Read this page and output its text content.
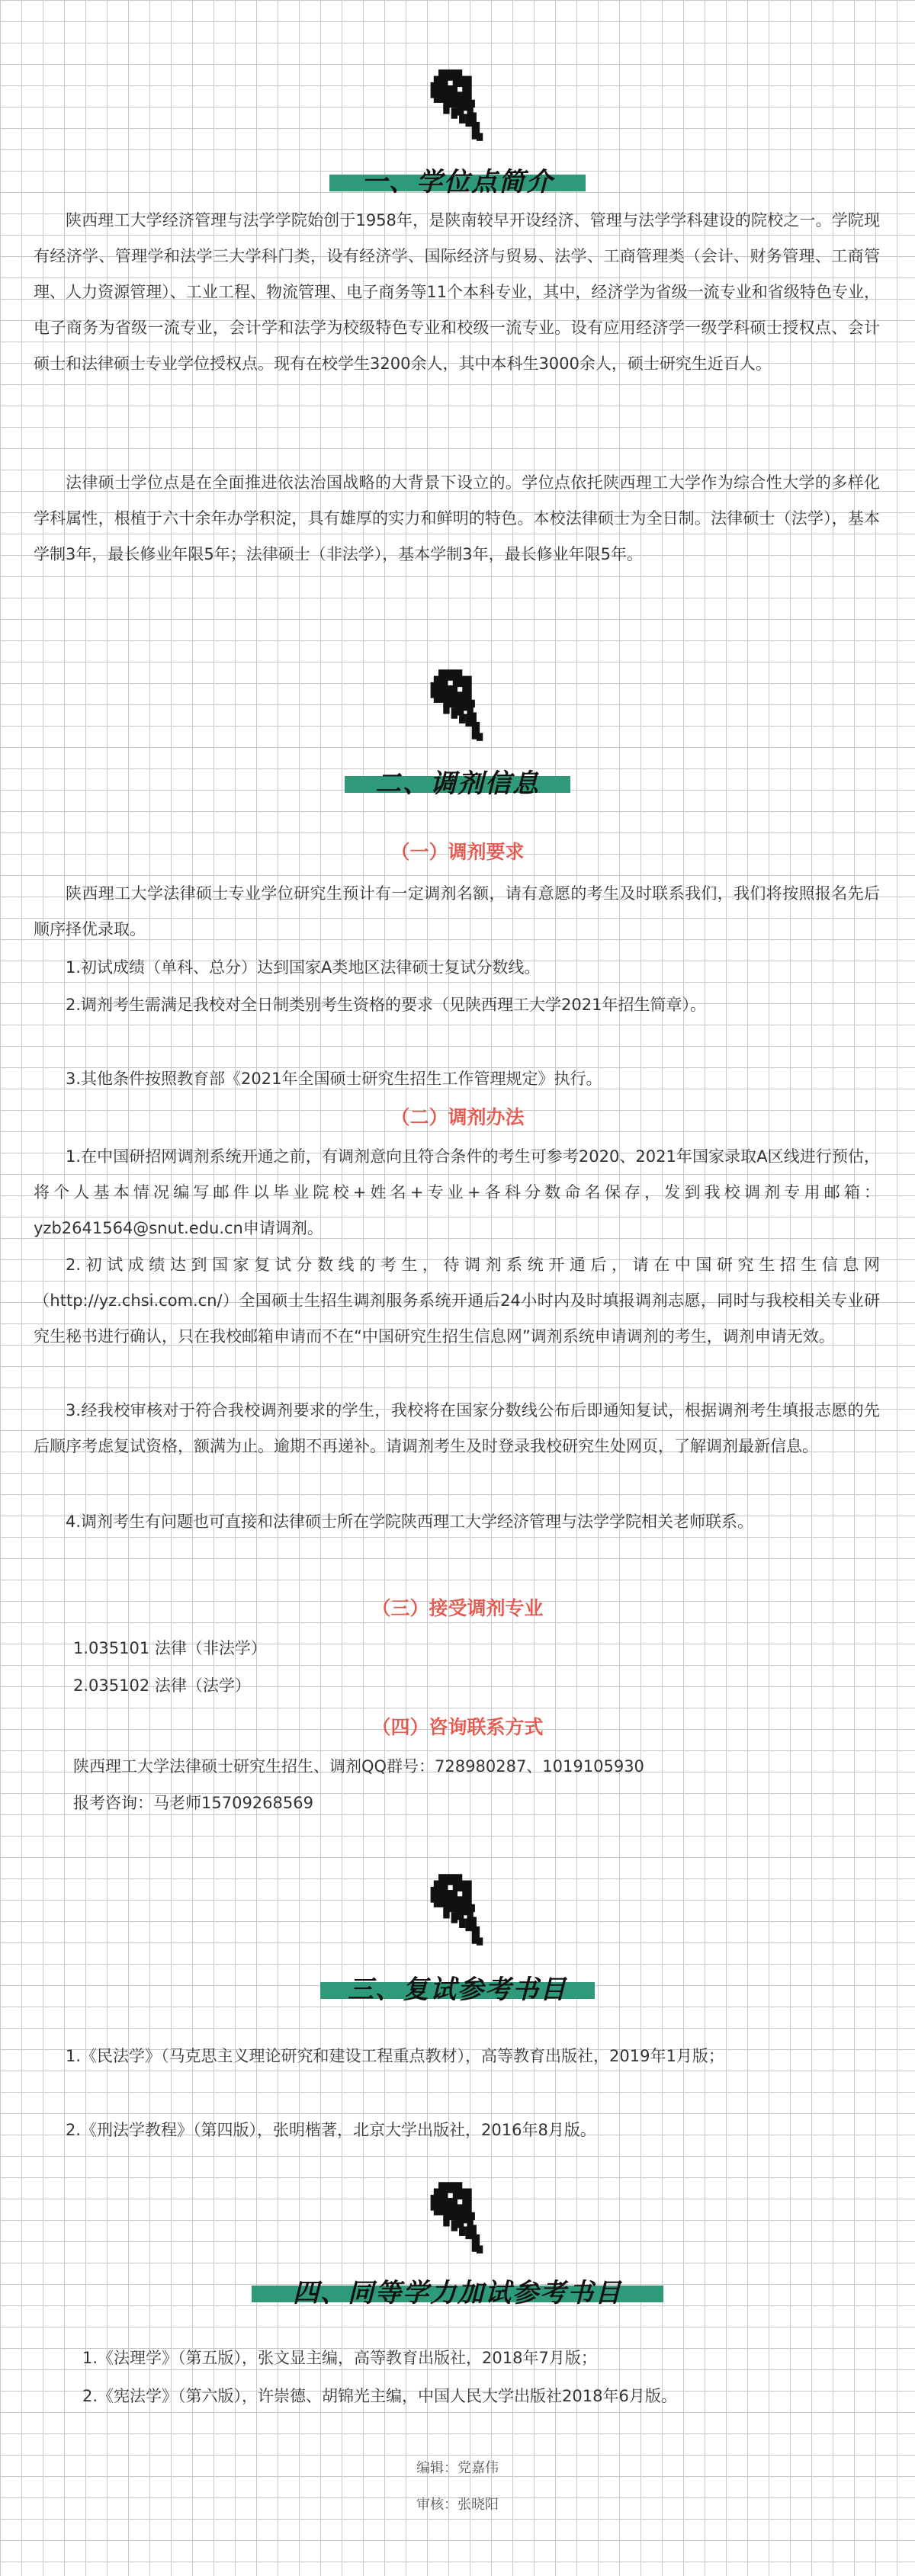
一、学位点简介
陕西理工大学经济管理与法学学院始创于1958年，是陕南较早开设经济、管理与法学学科建设的院校之一。学院现有经济学、管理学和法学三大学科门类，设有经济学、国际经济与贸易、法学、工商管理类（会计、财务管理、工商管理、人力资源管理）、工业工程、物流管理、电子商务等11个本科专业，其中，经济学为省级一流专业和省级特色专业，电子商务为省级一流专业，会计学和法学为校级特色专业和校级一流专业。设有应用经济学一级学科硕士授权点、会计硕士和法律硕士专业学位授权点。现有在校学生3200余人，其中本科生3000余人，硕士研究生近百人。
法律硕士学位点是在全面推进依法治国战略的大背景下设立的。学位点依托陕西理工大学作为综合性大学的多样化学科属性，根植于六十余年办学积淀，具有雄厚的实力和鲜明的特色。本校法律硕士为全日制。法律硕士（法学），基本学制3年，最长修业年限5年；法律硕士（非法学），基本学制3年，最长修业年限5年。
二、调剂信息
（一）调剂要求
陕西理工大学法律硕士专业学位研究生预计有一定调剂名额，请有意愿的考生及时联系我们，我们将按照报名先后顺序择优录取。
1.初试成绩（单科、总分）达到国家A类地区法律硕士复试分数线。
2.调剂考生需满足我校对全日制类别考生资格的要求（见陕西理工大学2021年招生简章）。
3.其他条件按照教育部《2021年全国硕士研究生招生工作管理规定》执行。
（二）调剂办法
1.在中国研招网调剂系统开通之前，有调剂意向且符合条件的考生可参考2020、2021年国家录取A区线进行预估，将个人基本情况编写邮件以毕业院校+姓名+专业+各科分数命名保存，发到我校调剂专用邮箱：yzb2641564@snut.edu.cn申请调剂。
2.初试成绩达到国家复试分数线的考生，待调剂系统开通后，请在中国研究生招生信息网（http://yz.chsi.com.cn/）全国硕士生招生调剂服务系统开通后24小时内及时填报调剂志愿，同时与我校相关专业研究生秘书进行确认，只在我校邮箱申请而不在“中国研究生招生信息网”调剂系统申请调剂的考生，调剂申请无效。
3.经我校审核对于符合我校调剂要求的学生，我校将在国家分数线公布后即通知复试，根据调剂考生填报志愿的先后顺序考虑复试资格，额满为止。逾期不再递补。请调剂考生及时登录我校研究生处网页，了解调剂最新信息。
4.调剂考生有问题也可直接和法律硕士所在学院陕西理工大学经济管理与法学学院相关老师联系。
（三）接受调剂专业
1.035101 法律（非法学）
2.035102 法律（法学）
（四）咨询联系方式
陕西理工大学法律硕士研究生招生、调剂QQ群号：728980287、1019105930
报考咨询：马老师15709268569
三、复试参考书目
1.《民法学》（马克思主义理论研究和建设工程重点教材），高等教育出版社，2019年1月版；
2.《刑法学教程》（第四版），张明楷著，北京大学出版社，2016年8月版。
四、同等学力加试参考书目
1.《法理学》（第五版），张文显主编，高等教育出版社，2018年7月版；
2.《宪法学》（第六版），许崇德、胡锦光主编，中国人民大学出版社2018年6月版。
编辑：党嘉伟
审核：张晓阳
